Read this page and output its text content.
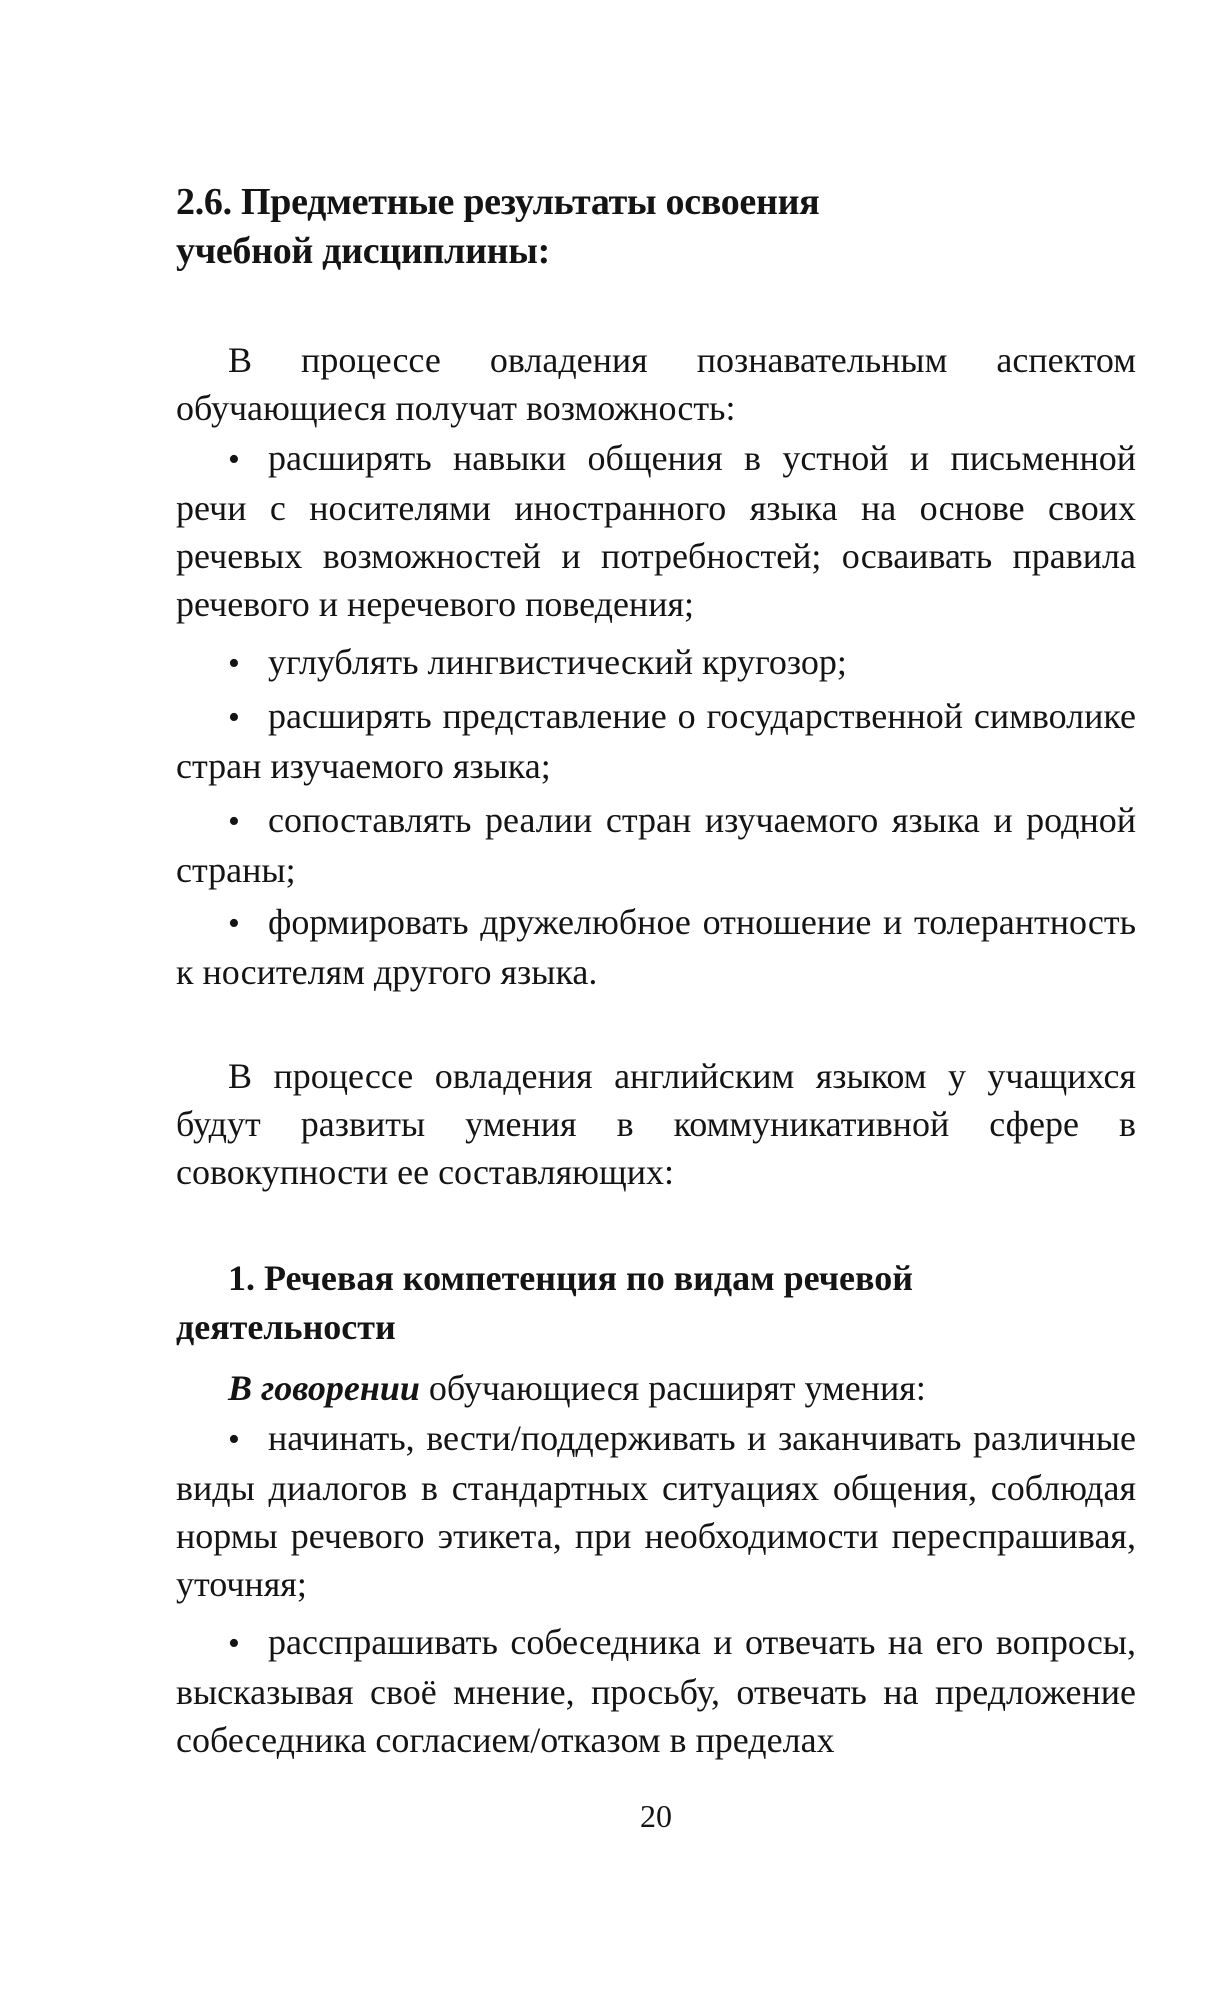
2.6. Предметные результаты освоения
учебной дисциплины:

В процессе овладения познавательным аспектом обучающиеся получат возможность:

• расширять навыки общения в устной и письменной речи с носителями иностранного языка на основе своих речевых возможностей и потребностей; осваивать правила речевого и неречевого поведения;

• углублять лингвистический кругозор;

• расширять представление о государственной символике стран изучаемого языка;

• сопоставлять реалии стран изучаемого языка и родной страны;

• формировать дружелюбное отношение и толерантность к носителям другого языка.

В процессе овладения английским языком у учащихся будут развиты умения в коммуникативной сфере в совокупности ее составляющих:

1. Речевая компетенция по видам речевой деятельности

В говорении обучающиеся расширят умения:

• начинать, вести/поддерживать и заканчивать различные виды диалогов в стандартных ситуациях общения, соблюдая нормы речевого этикета, при необходимости переспрашивая, уточняя;

• расспрашивать собеседника и отвечать на его вопросы, высказывая своё мнение, просьбу, отвечать на предложение собеседника согласием/отказом в пределах

20
